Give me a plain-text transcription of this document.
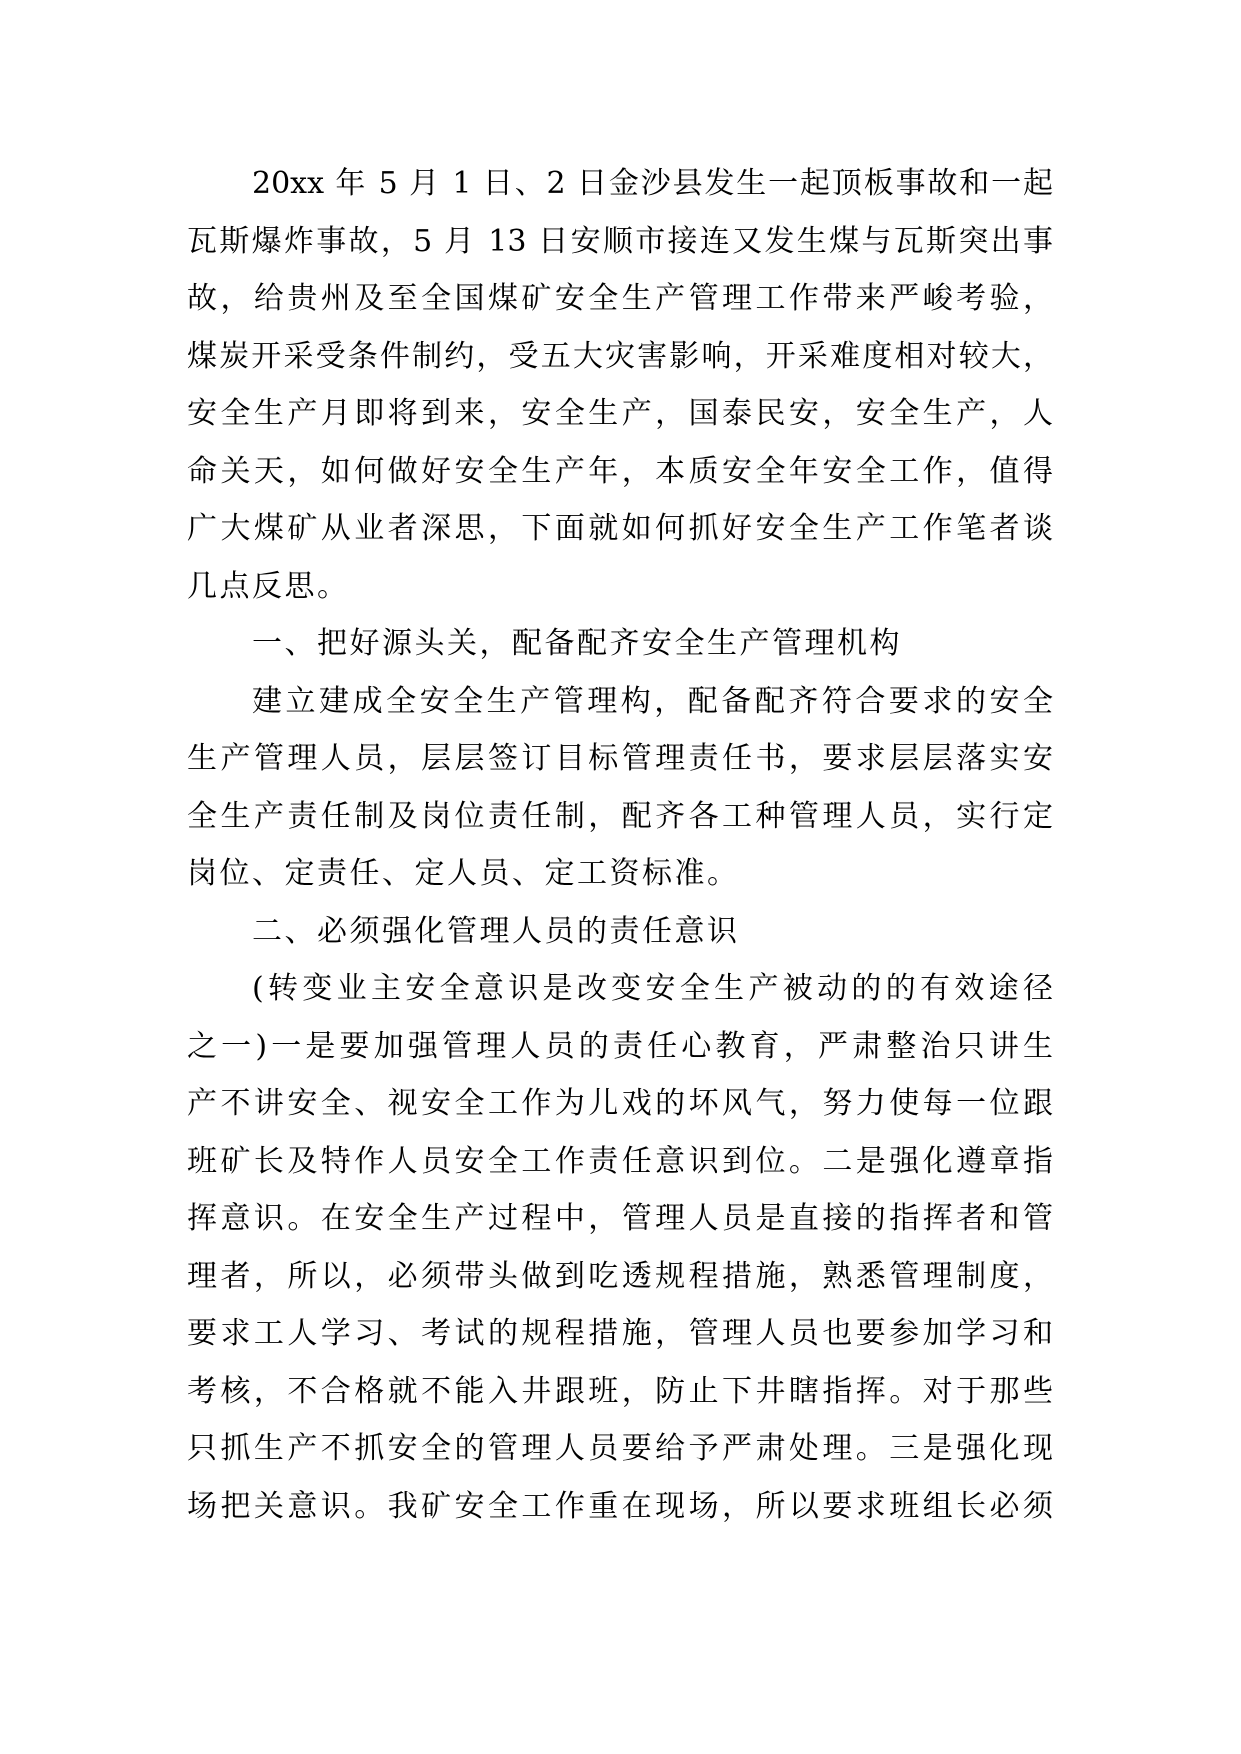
20xx 年 5 月 1 日、2 日金沙县发生一起顶板事故和一起
瓦斯爆炸事故，5 月 13 日安顺市接连又发生煤与瓦斯突出事
故，给贵州及至全国煤矿安全生产管理工作带来严峻考验，
煤炭开采受条件制约，受五大灾害影响，开采难度相对较大，
安全生产月即将到来，安全生产，国泰民安，安全生产，人
命关天，如何做好安全生产年，本质安全年安全工作，值得
广大煤矿从业者深思，下面就如何抓好安全生产工作笔者谈
几点反思。
一、把好源头关，配备配齐安全生产管理机构
建立建成全安全生产管理构，配备配齐符合要求的安全
生产管理人员，层层签订目标管理责任书，要求层层落实安
全生产责任制及岗位责任制，配齐各工种管理人员，实行定
岗位、定责任、定人员、定工资标准。
二、必须强化管理人员的责任意识
(转变业主安全意识是改变安全生产被动的的有效途径
之一)一是要加强管理人员的责任心教育，严肃整治只讲生
产不讲安全、视安全工作为儿戏的坏风气，努力使每一位跟
班矿长及特作人员安全工作责任意识到位。二是强化遵章指
挥意识。在安全生产过程中，管理人员是直接的指挥者和管
理者，所以，必须带头做到吃透规程措施，熟悉管理制度，
要求工人学习、考试的规程措施，管理人员也要参加学习和
考核，不合格就不能入井跟班，防止下井瞎指挥。对于那些
只抓生产不抓安全的管理人员要给予严肃处理。三是强化现
场把关意识。我矿安全工作重在现场，所以要求班组长必须
